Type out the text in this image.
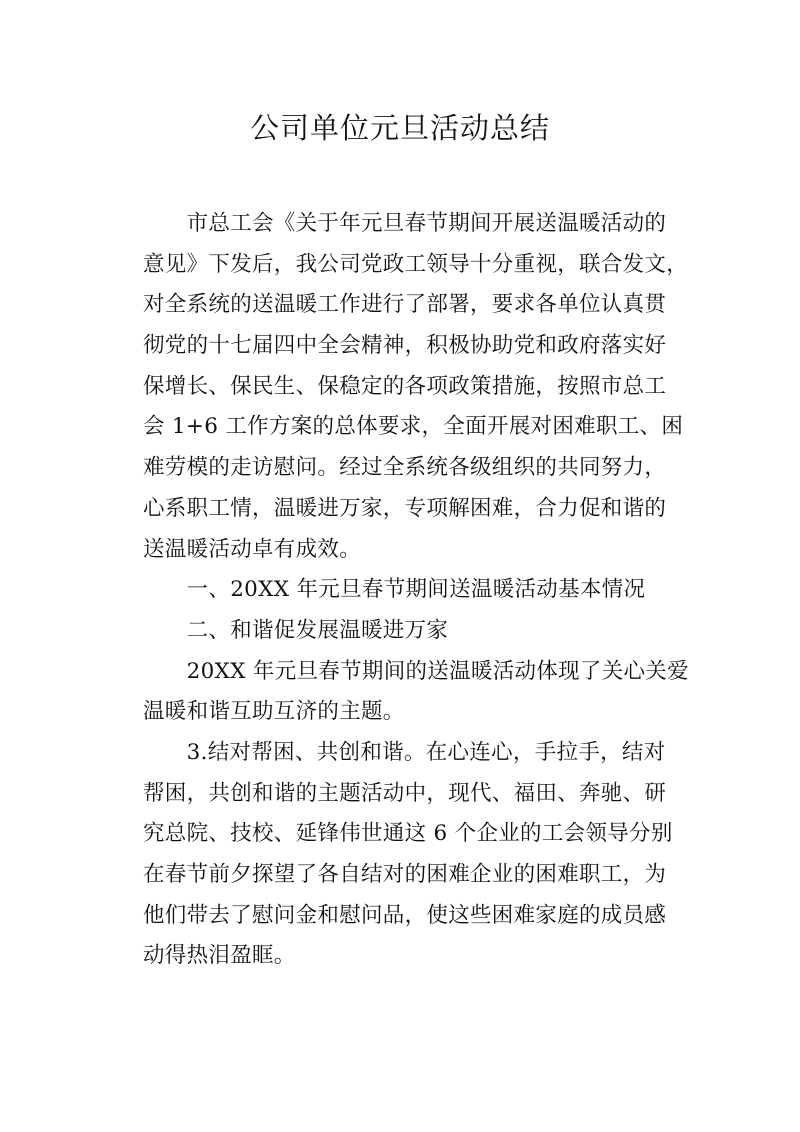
公司单位元旦活动总结
　　市总工会《关于年元旦春节期间开展送温暖活动的
意见》下发后，我公司党政工领导十分重视，联合发文，
对全系统的送温暖工作进行了部署，要求各单位认真贯
彻党的十七届四中全会精神，积极协助党和政府落实好
保增长、保民生、保稳定的各项政策措施，按照市总工
会 1+6 工作方案的总体要求，全面开展对困难职工、困
难劳模的走访慰问。经过全系统各级组织的共同努力，
心系职工情，温暖进万家，专项解困难，合力促和谐的
送温暖活动卓有成效。
　　一、20XX 年元旦春节期间送温暖活动基本情况
　　二、和谐促发展温暖进万家
　　20XX 年元旦春节期间的送温暖活动体现了关心关爱
温暖和谐互助互济的主题。
　　3.结对帮困、共创和谐。在心连心，手拉手，结对
帮困，共创和谐的主题活动中，现代、福田、奔驰、研
究总院、技校、延锋伟世通这 6 个企业的工会领导分别
在春节前夕探望了各自结对的困难企业的困难职工，为
他们带去了慰问金和慰问品，使这些困难家庭的成员感
动得热泪盈眶。
